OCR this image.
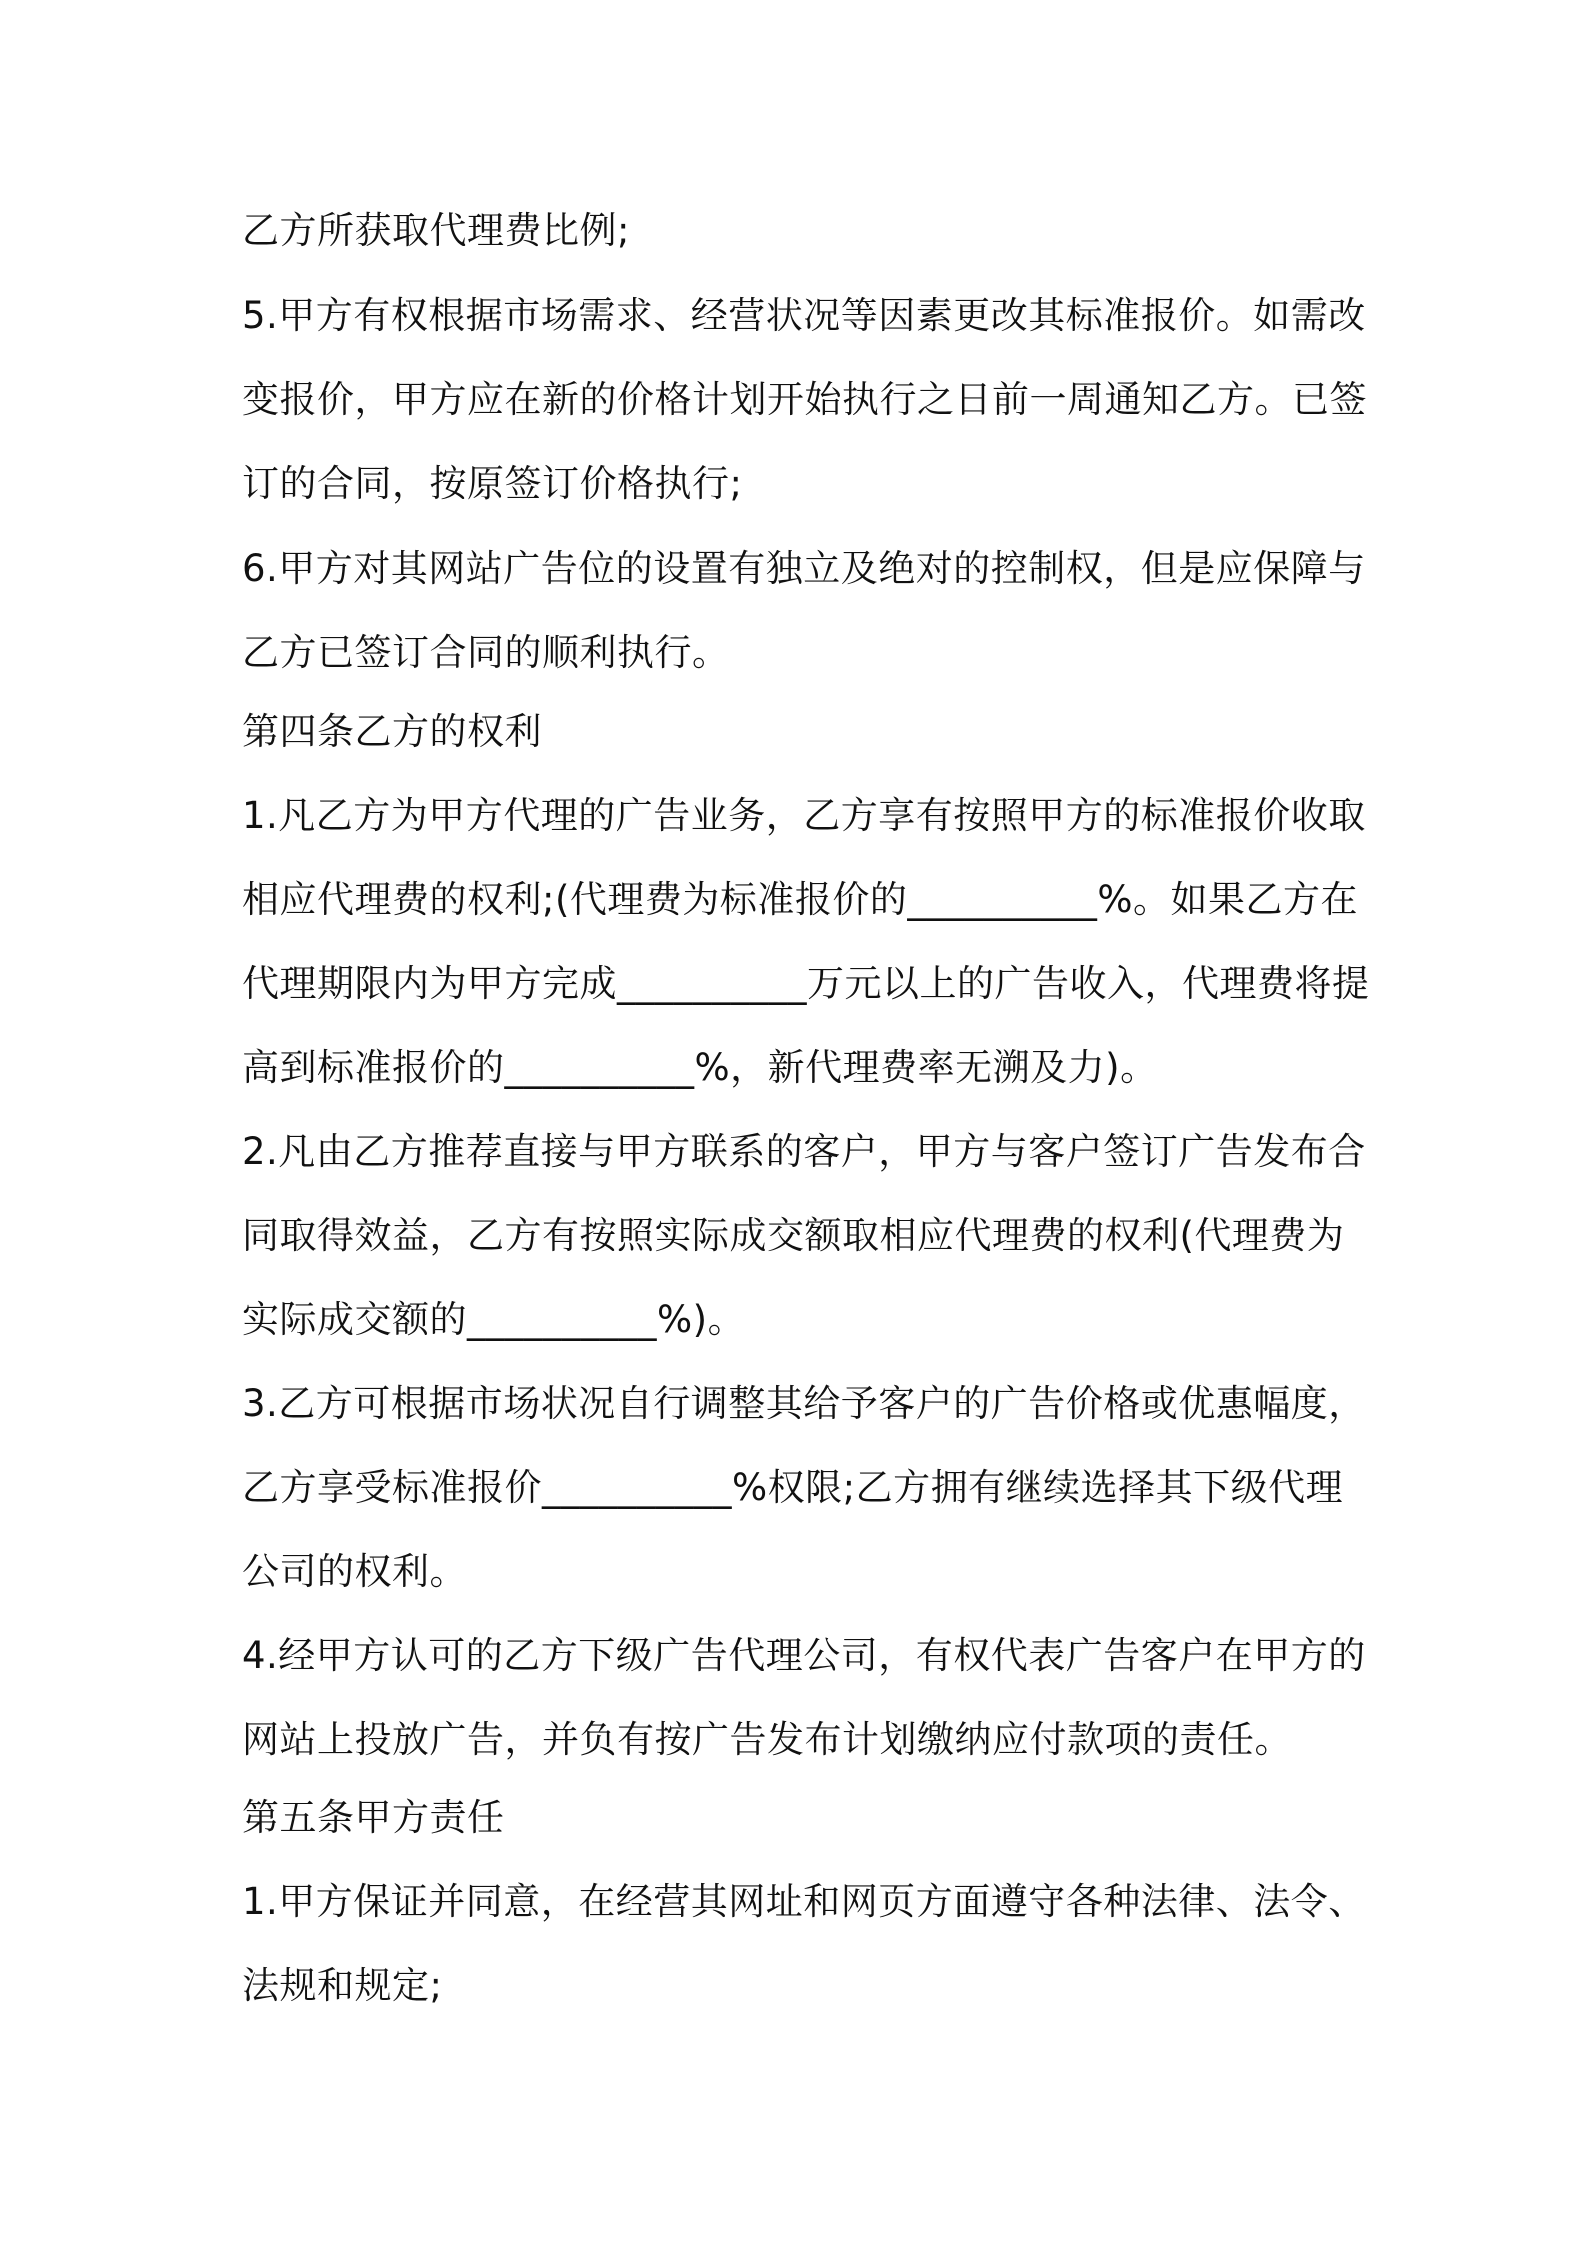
乙方所获取代理费比例;

5.甲方有权根据市场需求、经营状况等因素更改其标准报价。如需改

变报价，甲方应在新的价格计划开始执行之日前一周通知乙方。已签

订的合同，按原签订价格执行;

6.甲方对其网站广告位的设置有独立及绝对的控制权，但是应保障与

乙方已签订合同的顺利执行。

第四条乙方的权利

1.凡乙方为甲方代理的广告业务，乙方享有按照甲方的标准报价收取

相应代理费的权利;(代理费为标准报价的__________%。如果乙方在

代理期限内为甲方完成__________万元以上的广告收入，代理费将提

高到标准报价的__________%，新代理费率无溯及力)。

2.凡由乙方推荐直接与甲方联系的客户，甲方与客户签订广告发布合

同取得效益，乙方有按照实际成交额取相应代理费的权利(代理费为

实际成交额的__________%)。

3.乙方可根据市场状况自行调整其给予客户的广告价格或优惠幅度，

乙方享受标准报价__________%权限;乙方拥有继续选择其下级代理

公司的权利。

4.经甲方认可的乙方下级广告代理公司，有权代表广告客户在甲方的

网站上投放广告，并负有按广告发布计划缴纳应付款项的责任。

第五条甲方责任

1.甲方保证并同意，在经营其网址和网页方面遵守各种法律、法令、

法规和规定;
